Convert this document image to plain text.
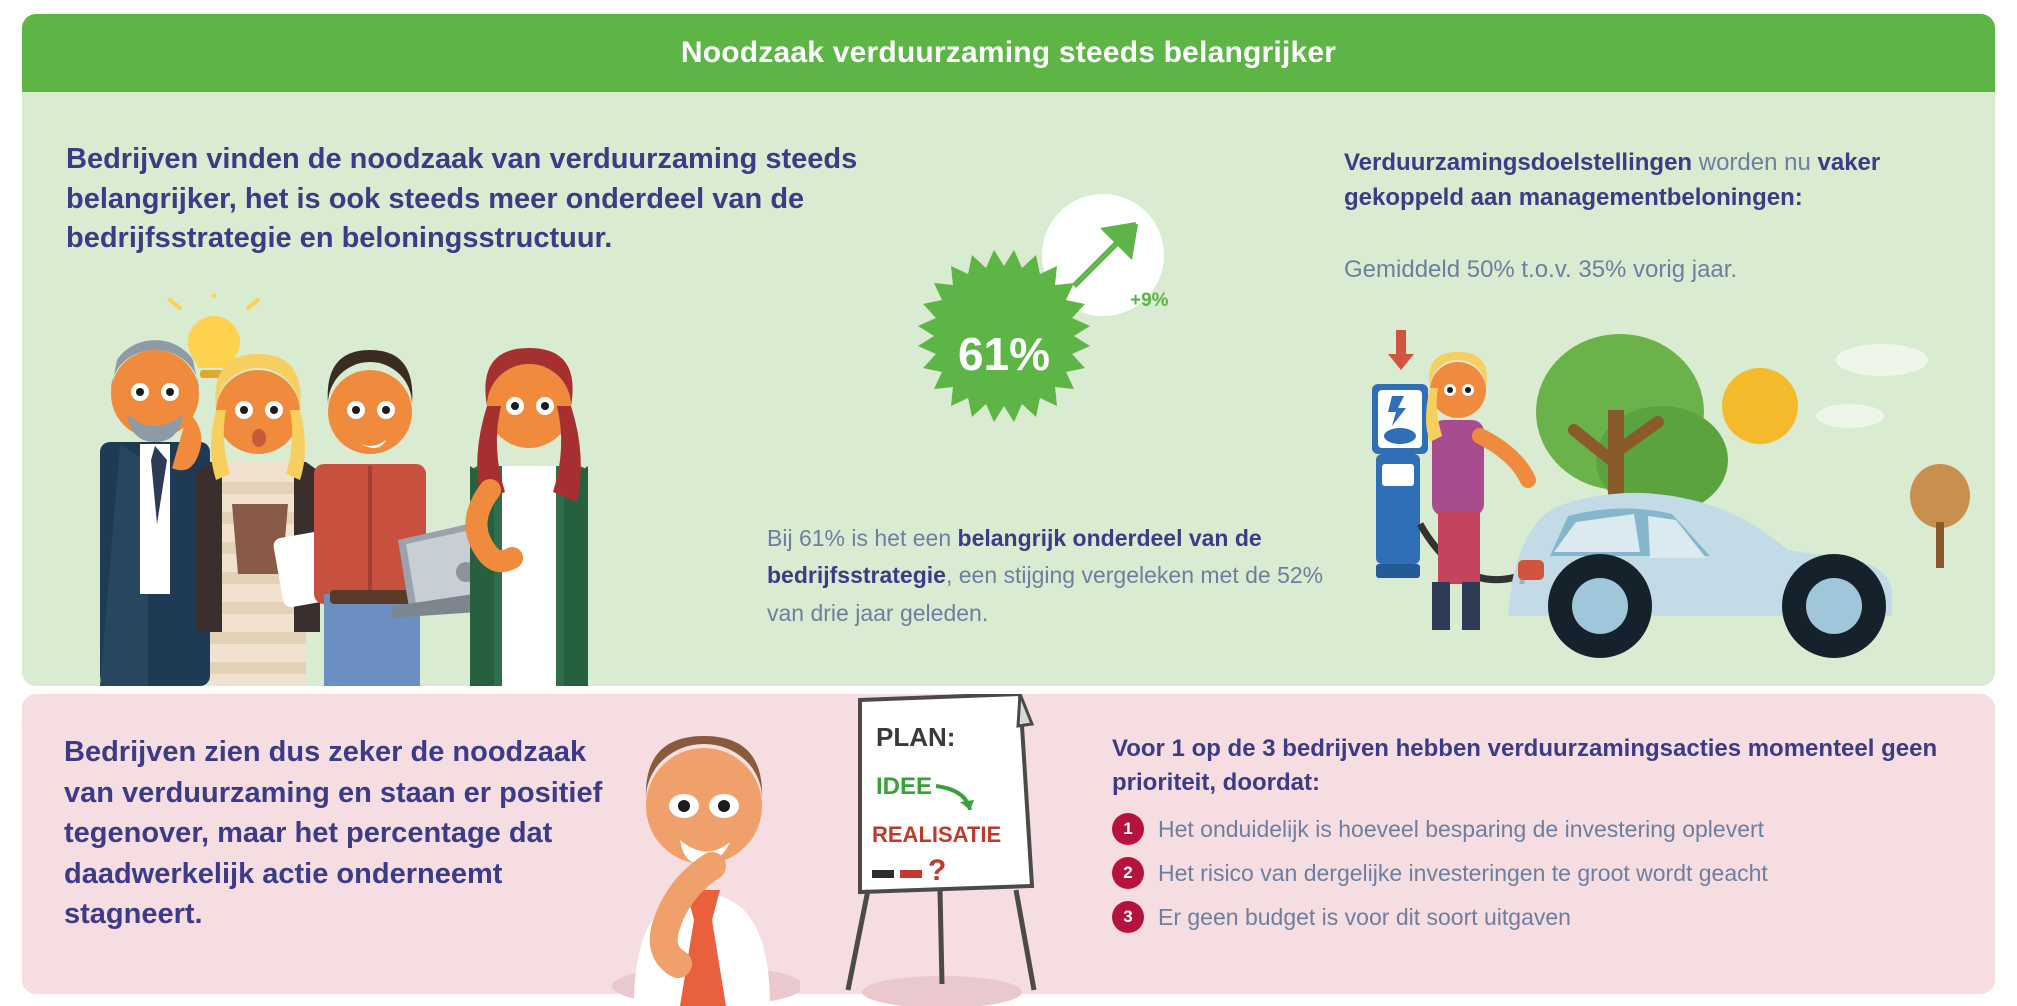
Noodzaak verduurzaming steeds belangrijker
Bedrijven vinden de noodzaak van verduurzaming steeds belangrijker, het is ook steeds meer onderdeel van de bedrijfsstrategie en beloningsstructuur.
61%
+9%
Bij 61% is het een belangrijk onderdeel van de bedrijfsstrategie, een stijging vergeleken met de 52% van drie jaar geleden.
Verduurzamingsdoelstellingen worden nu vaker gekoppeld aan managementbeloningen:
Gemiddeld 50% t.o.v. 35% vorig jaar.
Bedrijven zien dus zeker de noodzaak van verduurzaming en staan er positief tegenover, maar het percentage dat daadwerkelijk actie onderneemt stagneert.
Voor 1 op de 3 bedrijven hebben verduurzamingsacties momenteel geen prioriteit, doordat:
1	Het onduidelijk is hoeveel besparing de investering oplevert
2	Het risico van dergelijke investeringen te groot wordt geacht
3	Er geen budget is voor dit soort uitgaven
PLAN:
IDEE
REALISATIE
?
